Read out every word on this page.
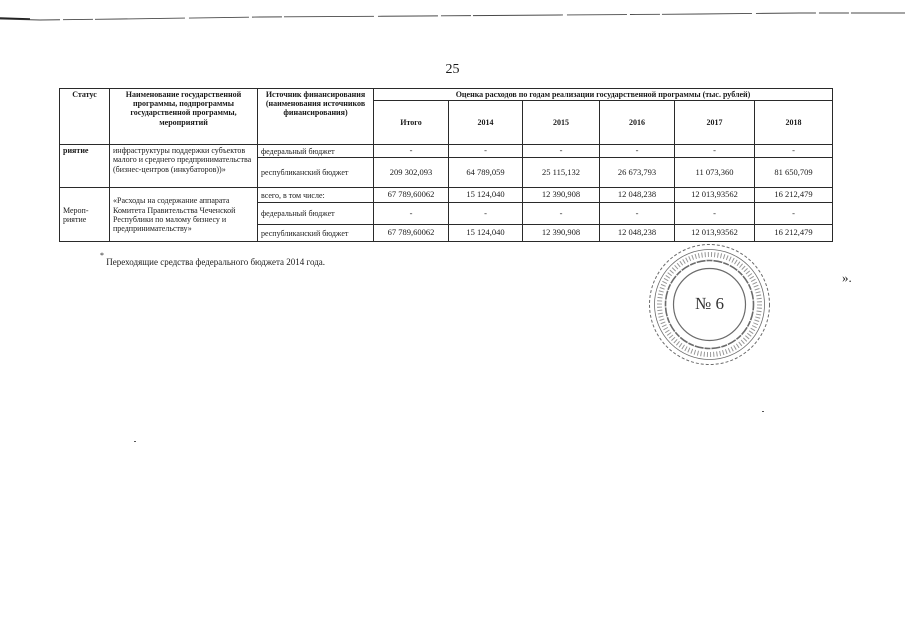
25
Статус	Наименование государственной программы, подпрограммы государственной программы, мероприятий	Источник финансирования (наименования источников финансирования)	Оценка расходов по годам реализации государственной программы (тыс. рублей)					
			Итого	2014	2015	2016	2017	2018
риятие	инфраструктуры поддержки субъектов малого и среднего предпринимательства (бизнес-центров (инкубаторов))»	федеральный бюджет	-	-	-	-	-	-
		республиканский бюджет	209 302,093	64 789,059	25 115,132	26 673,793	11 073,360	81 650,709
Мероп-риятие	«Расходы на содержание аппарата Комитета Правительства Чеченской Республики по малому бизнесу и предпринимательству»	всего, в том числе:	67 789,60062	15 124,040	12 390,908	12 048,238	12 013,93562	16 212,479
		федеральный бюджет	-	-	-	-	-	-
		республиканский бюджет	67 789,60062	15 124,040	12 390,908	12 048,238	12 013,93562	16 212,479
* Переходящие средства федерального бюджета 2014 года.
».
№ 6
